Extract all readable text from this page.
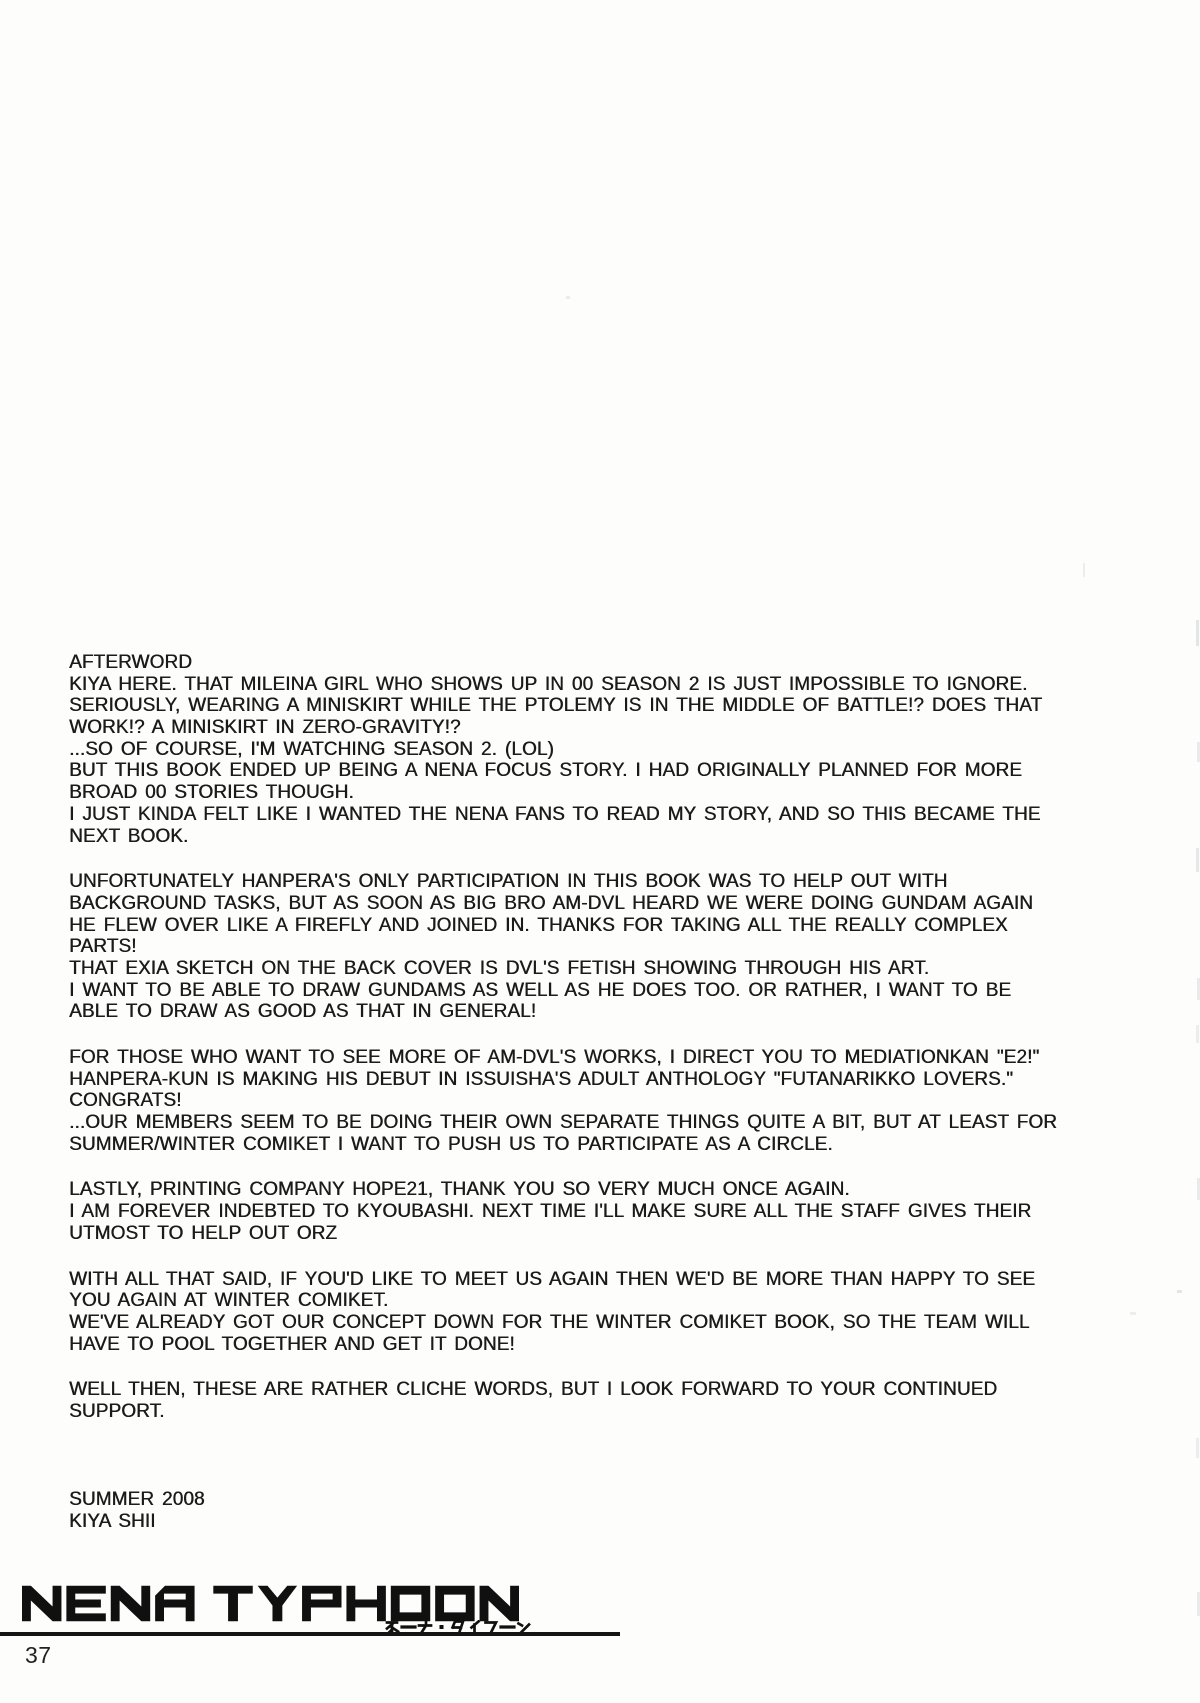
AFTERWORD
KIYA HERE. THAT MILEINA GIRL WHO SHOWS UP IN 00 SEASON 2 IS JUST IMPOSSIBLE TO IGNORE.
SERIOUSLY, WEARING A MINISKIRT WHILE THE PTOLEMY IS IN THE MIDDLE OF BATTLE!? DOES THAT
WORK!? A MINISKIRT IN ZERO-GRAVITY!?
...SO OF COURSE, I'M WATCHING SEASON 2. (LOL)
BUT THIS BOOK ENDED UP BEING A NENA FOCUS STORY. I HAD ORIGINALLY PLANNED FOR MORE
BROAD 00 STORIES THOUGH.
I JUST KINDA FELT LIKE I WANTED THE NENA FANS TO READ MY STORY, AND SO THIS BECAME THE
NEXT BOOK.
UNFORTUNATELY HANPERA'S ONLY PARTICIPATION IN THIS BOOK WAS TO HELP OUT WITH
BACKGROUND TASKS, BUT AS SOON AS BIG BRO AM-DVL HEARD WE WERE DOING GUNDAM AGAIN
HE FLEW OVER LIKE A FIREFLY AND JOINED IN. THANKS FOR TAKING ALL THE REALLY COMPLEX
PARTS!
THAT EXIA SKETCH ON THE BACK COVER IS DVL'S FETISH SHOWING THROUGH HIS ART.
I WANT TO BE ABLE TO DRAW GUNDAMS AS WELL AS HE DOES TOO. OR RATHER, I WANT TO BE
ABLE TO DRAW AS GOOD AS THAT IN GENERAL!
FOR THOSE WHO WANT TO SEE MORE OF AM-DVL'S WORKS, I DIRECT YOU TO MEDIATIONKAN "E2!"
HANPERA-KUN IS MAKING HIS DEBUT IN ISSUISHA'S ADULT ANTHOLOGY "FUTANARIKKO LOVERS."
CONGRATS!
...OUR MEMBERS SEEM TO BE DOING THEIR OWN SEPARATE THINGS QUITE A BIT, BUT AT LEAST FOR
SUMMER/WINTER COMIKET I WANT TO PUSH US TO PARTICIPATE AS A CIRCLE.
LASTLY, PRINTING COMPANY HOPE21, THANK YOU SO VERY MUCH ONCE AGAIN.
I AM FOREVER INDEBTED TO KYOUBASHI. NEXT TIME I'LL MAKE SURE ALL THE STAFF GIVES THEIR
UTMOST TO HELP OUT ORZ
WITH ALL THAT SAID, IF YOU'D LIKE TO MEET US AGAIN THEN WE'D BE MORE THAN HAPPY TO SEE
YOU AGAIN AT WINTER COMIKET.
WE'VE ALREADY GOT OUR CONCEPT DOWN FOR THE WINTER COMIKET BOOK, SO THE TEAM WILL
HAVE TO POOL TOGETHER AND GET IT DONE!
WELL THEN, THESE ARE RATHER CLICHE WORDS, BUT I LOOK FORWARD TO YOUR CONTINUED
SUPPORT.
SUMMER 2008
KIYA SHII
37
